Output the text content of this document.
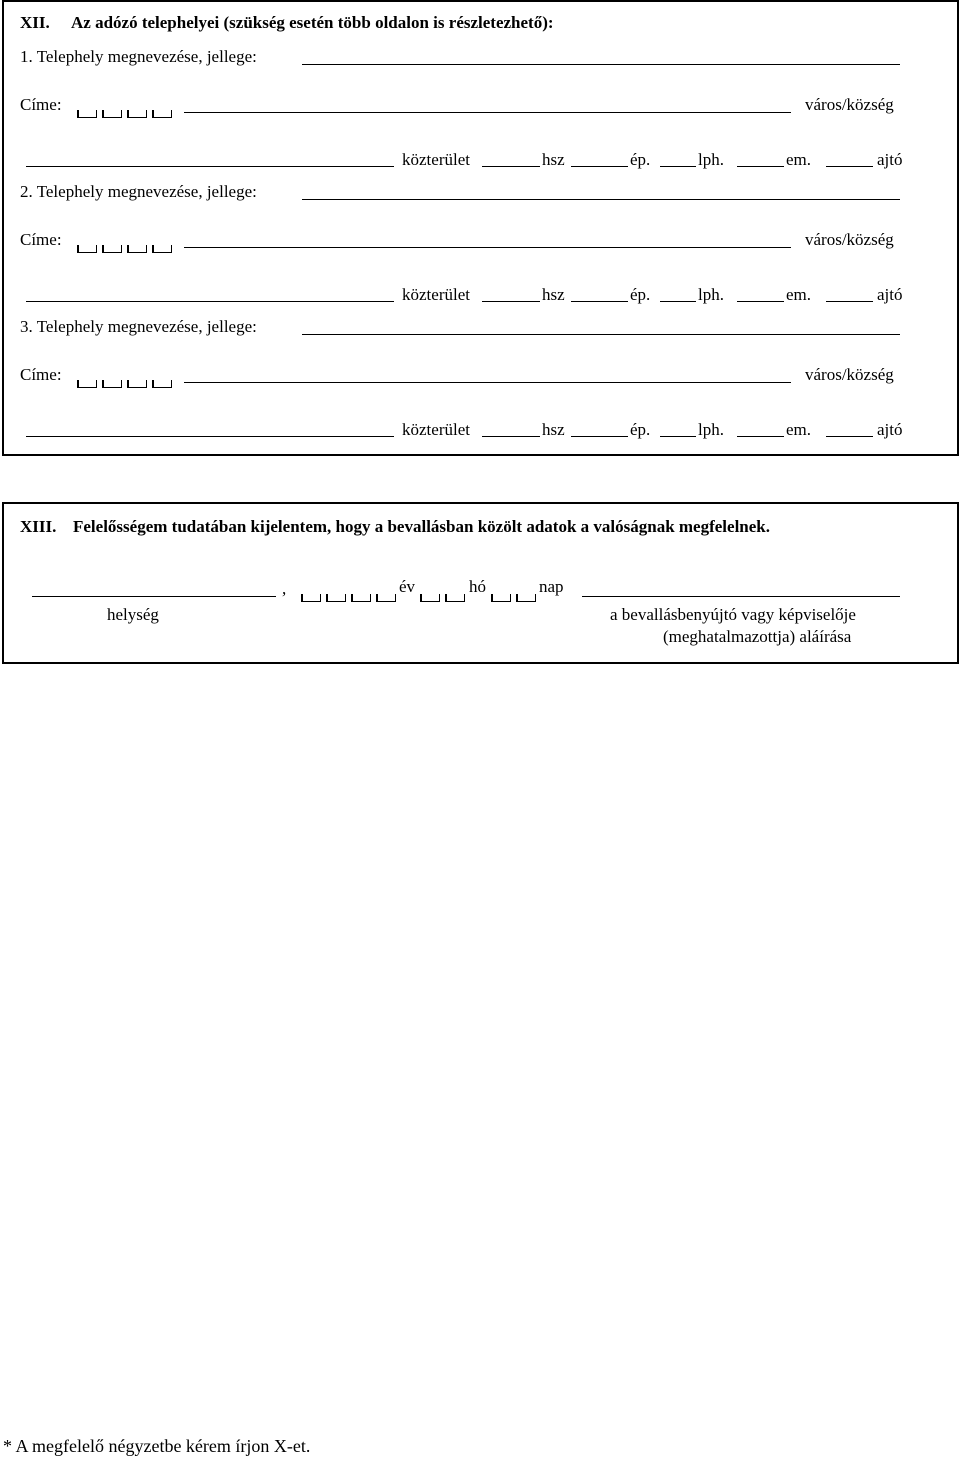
XII. Az adózó telephelyei (szükség esetén több oldalon is részletezhető):
1. Telephely megnevezése, jellege:
Címe:	város/község
közterület	hsz	ép.	lph.	em.	ajtó
2. Telephely megnevezése, jellege:
Címe:	város/község
közterület	hsz	ép.	lph.	em.	ajtó
3. Telephely megnevezése, jellege:
Címe:	város/község
közterület	hsz	ép.	lph.	em.	ajtó
XIII. Felelősségem tudatában kijelentem, hogy a bevallásban közölt adatok a valóságnak megfelelnek.
,	év	hó	nap
helység	a bevallásbenyújtó vagy képviselője
(meghatalmazottja) aláírása
* A megfelelő négyzetbe kérem írjon X-et.
